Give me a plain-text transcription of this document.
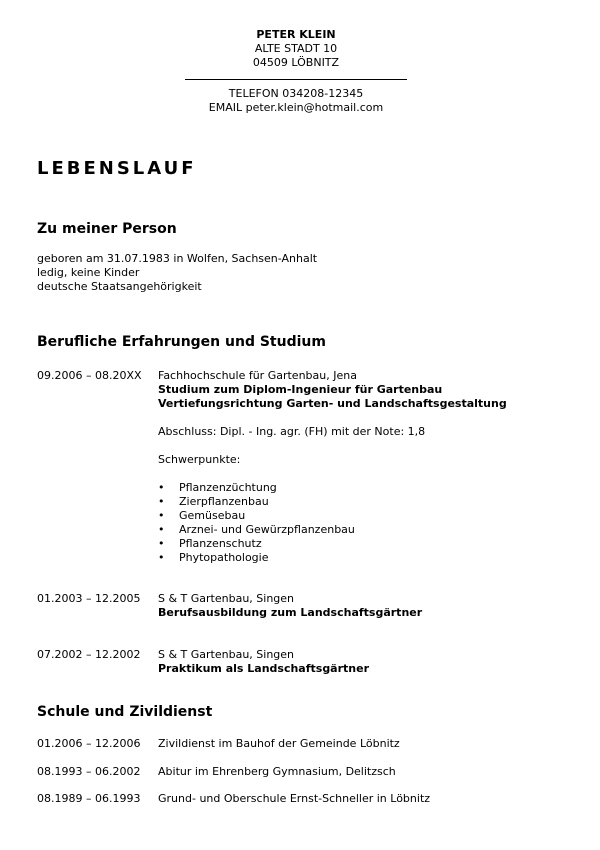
PETER KLEIN
ALTE STADT 10
04509 LÖBNITZ
TELEFON 034208-12345
EMAIL peter.klein@hotmail.com
LEBENSLAUF
Zu meiner Person
geboren am 31.07.1983 in Wolfen, Sachsen-Anhalt
ledig, keine Kinder
deutsche Staatsangehörigkeit
Berufliche Erfahrungen und Studium
09.2006 – 08.20XX Fachhochschule für Gartenbau, Jena
Studium zum Diplom-Ingenieur für Gartenbau
Vertiefungsrichtung Garten- und Landschaftsgestaltung
Abschluss: Dipl. - Ing. agr. (FH) mit der Note: 1,8
Schwerpunkte:
• Pflanzenzüchtung
• Zierpflanzenbau
• Gemüsebau
• Arznei- und Gewürzpflanzenbau
• Pflanzenschutz
• Phytopathologie
01.2003 – 12.2005 S & T Gartenbau, Singen
Berufsausbildung zum Landschaftsgärtner
07.2002 – 12.2002 S & T Gartenbau, Singen
Praktikum als Landschaftsgärtner
Schule und Zivildienst
01.2006 – 12.2006 Zivildienst im Bauhof der Gemeinde Löbnitz
08.1993 – 06.2002 Abitur im Ehrenberg Gymnasium, Delitzsch
08.1989 – 06.1993 Grund- und Oberschule Ernst-Schneller in Löbnitz
